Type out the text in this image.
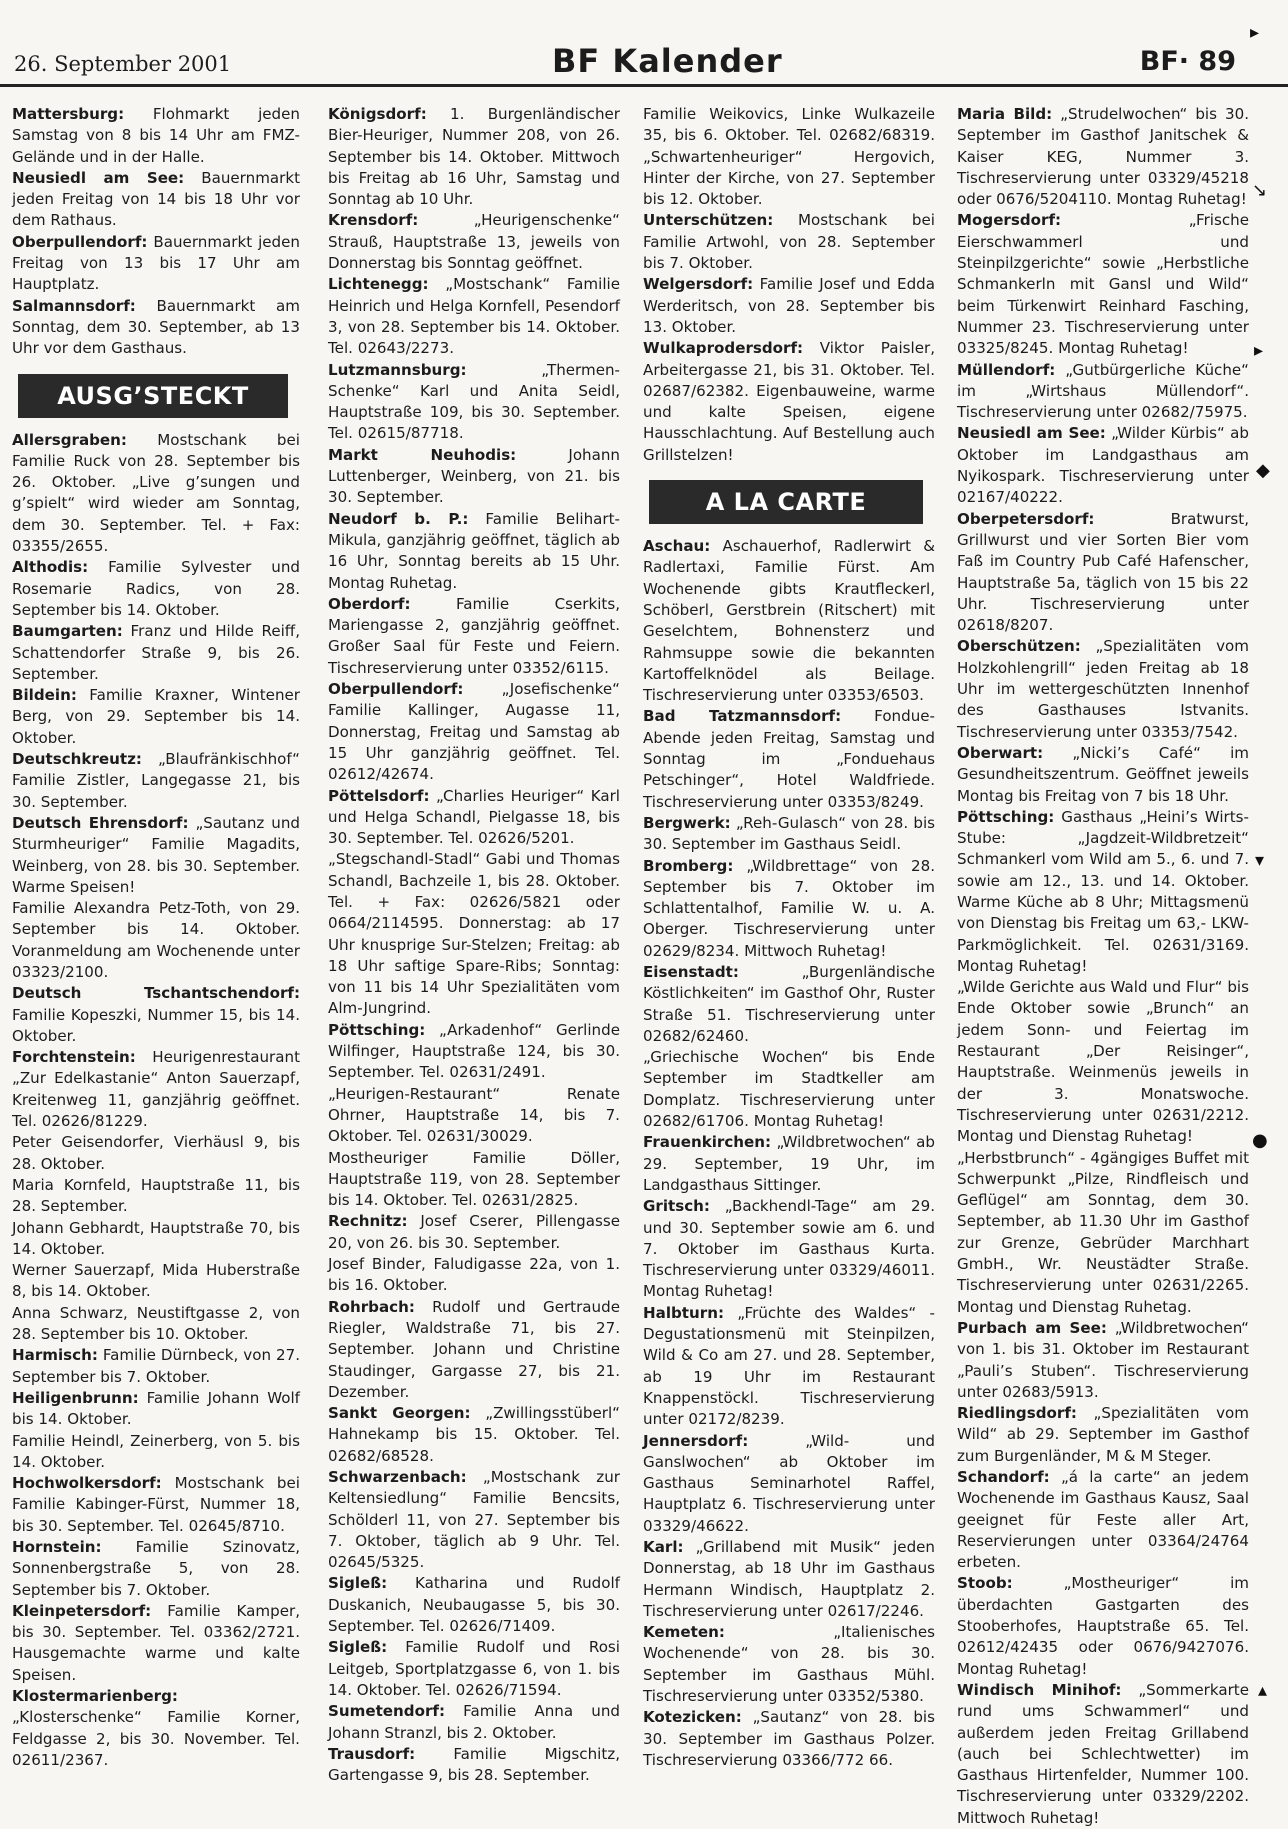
26. September 2001	BF Kalender	BF· 89

Mattersburg: Flohmarkt jeden Samstag von 8 bis 14 Uhr am FMZ-Gelände und in der Halle.

Neusiedl am See: Bauernmarkt jeden Freitag von 14 bis 18 Uhr vor dem Rathaus.

Oberpullendorf: Bauernmarkt jeden Freitag von 13 bis 17 Uhr am Hauptplatz.

Salmannsdorf: Bauernmarkt am Sonntag, dem 30. September, ab 13 Uhr vor dem Gasthaus.

AUSG’STECKT

Allersgraben: Mostschank bei Familie Ruck von 28. September bis 26. Oktober. „Live g’sungen und g’spielt“ wird wieder am Sonntag, dem 30. September. Tel. + Fax: 03355/2655.

Althodis: Familie Sylvester und Rosemarie Radics, von 28. September bis 14. Oktober.

Baumgarten: Franz und Hilde Reiff, Schattendorfer Straße 9, bis 26. September.

Bildein: Familie Kraxner, Wintener Berg, von 29. September bis 14. Oktober.

Deutschkreutz: „Blaufränkischhof“ Familie Zistler, Langegasse 21, bis 30. September.

Deutsch Ehrensdorf: „Sautanz und Sturmheuriger“ Familie Magadits, Weinberg, von 28. bis 30. September. Warme Speisen!

Familie Alexandra Petz-Toth, von 29. September bis 14. Oktober. Voranmeldung am Wochenende unter 03323/2100.

Deutsch Tschantschendorf: Familie Kopeszki, Nummer 15, bis 14. Oktober.

Forchtenstein: Heurigenrestaurant „Zur Edelkastanie“ Anton Sauerzapf, Kreitenweg 11, ganzjährig geöffnet. Tel. 02626/81229.

Peter Geisendorfer, Vierhäusl 9, bis 28. Oktober.

Maria Kornfeld, Hauptstraße 11, bis 28. September.

Johann Gebhardt, Hauptstraße 70, bis 14. Oktober.

Werner Sauerzapf, Mida Huberstraße 8, bis 14. Oktober.

Anna Schwarz, Neustiftgasse 2, von 28. September bis 10. Oktober.

Harmisch: Familie Dürnbeck, von 27. September bis 7. Oktober.

Heiligenbrunn: Familie Johann Wolf bis 14. Oktober.

Familie Heindl, Zeinerberg, von 5. bis 14. Oktober.

Hochwolkersdorf: Mostschank bei Familie Kabinger-Fürst, Nummer 18, bis 30. September. Tel. 02645/8710.

Hornstein: Familie Szinovatz, Sonnenbergstraße 5, von 28. September bis 7. Oktober.

Kleinpetersdorf: Familie Kamper, bis 30. September. Tel. 03362/2721. Hausgemachte warme und kalte Speisen.

Klostermarienberg: „Klosterschenke“ Familie Korner, Feldgasse 2, bis 30. November. Tel. 02611/2367.

Königsdorf: 1. Burgenländischer Bier-Heuriger, Nummer 208, von 26. September bis 14. Oktober. Mittwoch bis Freitag ab 16 Uhr, Samstag und Sonntag ab 10 Uhr.

Krensdorf: „Heurigenschenke“ Strauß, Hauptstraße 13, jeweils von Donnerstag bis Sonntag geöffnet.

Lichtenegg: „Mostschank“ Familie Heinrich und Helga Kornfell, Pesendorf 3, von 28. September bis 14. Oktober. Tel. 02643/2273.

Lutzmannsburg: „Thermen-Schenke“ Karl und Anita Seidl, Hauptstraße 109, bis 30. September. Tel. 02615/87718.

Markt Neuhodis: Johann Luttenberger, Weinberg, von 21. bis 30. September.

Neudorf b. P.: Familie Belihart-Mikula, ganzjährig geöffnet, täglich ab 16 Uhr, Sonntag bereits ab 15 Uhr. Montag Ruhetag.

Oberdorf: Familie Cserkits, Mariengasse 2, ganzjährig geöffnet. Großer Saal für Feste und Feiern. Tischreservierung unter 03352/6115.

Oberpullendorf: „Josefischenke“ Familie Kallinger, Augasse 11, Donnerstag, Freitag und Samstag ab 15 Uhr ganzjährig geöffnet. Tel. 02612/42674.

Pöttelsdorf: „Charlies Heuriger“ Karl und Helga Schandl, Pielgasse 18, bis 30. September. Tel. 02626/5201.

„Stegschandl-Stadl“ Gabi und Thomas Schandl, Bachzeile 1, bis 28. Oktober. Tel. + Fax: 02626/5821 oder 0664/2114595. Donnerstag: ab 17 Uhr knusprige Sur-Stelzen; Freitag: ab 18 Uhr saftige Spare-Ribs; Sonntag: von 11 bis 14 Uhr Spezialitäten vom Alm-Jungrind.

Pöttsching: „Arkadenhof“ Gerlinde Wilfinger, Hauptstraße 124, bis 30. September. Tel. 02631/2491.

„Heurigen-Restaurant“ Renate Ohrner, Hauptstraße 14, bis 7. Oktober. Tel. 02631/30029.

Mostheuriger Familie Döller, Hauptstraße 119, von 28. September bis 14. Oktober. Tel. 02631/2825.

Rechnitz: Josef Cserer, Pillengasse 20, von 26. bis 30. September.

Josef Binder, Faludigasse 22a, von 1. bis 16. Oktober.

Rohrbach: Rudolf und Gertraude Riegler, Waldstraße 71, bis 27. September. Johann und Christine Staudinger, Gargasse 27, bis 21. Dezember.

Sankt Georgen: „Zwillingsstüberl“ Hahnekamp bis 15. Oktober. Tel. 02682/68528.

Schwarzenbach: „Mostschank zur Keltensiedlung“ Familie Bencsits, Schölderl 11, von 27. September bis 7. Oktober, täglich ab 9 Uhr. Tel. 02645/5325.

Sigleß: Katharina und Rudolf Duskanich, Neubaugasse 5, bis 30. September. Tel. 02626/71409.

Sigleß: Familie Rudolf und Rosi Leitgeb, Sportplatzgasse 6, von 1. bis 14. Oktober. Tel. 02626/71594.

Sumetendorf: Familie Anna und Johann Stranzl, bis 2. Oktober.

Trausdorf: Familie Migschitz, Gartengasse 9, bis 28. September.

Familie Weikovics, Linke Wulkazeile 35, bis 6. Oktober. Tel. 02682/68319. „Schwartenheuriger“ Hergovich, Hinter der Kirche, von 27. September bis 12. Oktober.

Unterschützen: Mostschank bei Familie Artwohl, von 28. September bis 7. Oktober.

Welgersdorf: Familie Josef und Edda Werderitsch, von 28. September bis 13. Oktober.

Wulkaprodersdorf: Viktor Paisler, Arbeitergasse 21, bis 31. Oktober. Tel. 02687/62382. Eigenbauweine, warme und kalte Speisen, eigene Hausschlachtung. Auf Bestellung auch Grillstelzen!

A LA CARTE

Aschau: Aschauerhof, Radlerwirt & Radlertaxi, Familie Fürst. Am Wochenende gibts Krautfleckerl, Schöberl, Gerstbrein (Ritschert) mit Geselchtem, Bohnensterz und Rahmsuppe sowie die bekannten Kartoffelknödel als Beilage. Tischreservierung unter 03353/6503.

Bad Tatzmannsdorf: Fondue-Abende jeden Freitag, Samstag und Sonntag im „Fonduehaus Petschinger“, Hotel Waldfriede. Tischreservierung unter 03353/8249.

Bergwerk: „Reh-Gulasch“ von 28. bis 30. September im Gasthaus Seidl.

Bromberg: „Wildbrettage“ von 28. September bis 7. Oktober im Schlattentalhof, Familie W. u. A. Oberger. Tischreservierung unter 02629/8234. Mittwoch Ruhetag!

Eisenstadt: „Burgenländische Köstlichkeiten“ im Gasthof Ohr, Ruster Straße 51. Tischreservierung unter 02682/62460.

„Griechische Wochen“ bis Ende September im Stadtkeller am Domplatz. Tischreservierung unter 02682/61706. Montag Ruhetag!

Frauenkirchen: „Wildbretwochen“ ab 29. September, 19 Uhr, im Landgasthaus Sittinger.

Gritsch: „Backhendl-Tage“ am 29. und 30. September sowie am 6. und 7. Oktober im Gasthaus Kurta. Tischreservierung unter 03329/46011. Montag Ruhetag!

Halbturn: „Früchte des Waldes“ - Degustationsmenü mit Steinpilzen, Wild & Co am 27. und 28. September, ab 19 Uhr im Restaurant Knappenstöckl. Tischreservierung unter 02172/8239.

Jennersdorf: „Wild- und Ganslwochen“ ab Oktober im Gasthaus Seminarhotel Raffel, Hauptplatz 6. Tischreservierung unter 03329/46622.

Karl: „Grillabend mit Musik“ jeden Donnerstag, ab 18 Uhr im Gasthaus Hermann Windisch, Hauptplatz 2. Tischreservierung unter 02617/2246.

Kemeten: „Italienisches Wochenende“ von 28. bis 30. September im Gasthaus Mühl. Tischreservierung unter 03352/5380.

Kotezicken: „Sautanz“ von 28. bis 30. September im Gasthaus Polzer. Tischreservierung 03366/772 66.

Maria Bild: „Strudelwochen“ bis 30. September im Gasthof Janitschek & Kaiser KEG, Nummer 3. Tischreservierung unter 03329/45218 oder 0676/5204110. Montag Ruhetag!

Mogersdorf: „Frische Eierschwammerl und Steinpilzgerichte“ sowie „Herbstliche Schmankerln mit Gansl und Wild“ beim Türkenwirt Reinhard Fasching, Nummer 23. Tischreservierung unter 03325/8245. Montag Ruhetag!

Müllendorf: „Gutbürgerliche Küche“ im „Wirtshaus Müllendorf“. Tischreservierung unter 02682/75975.

Neusiedl am See: „Wilder Kürbis“ ab Oktober im Landgasthaus am Nyikospark. Tischreservierung unter 02167/40222.

Oberpetersdorf: Bratwurst, Grillwurst und vier Sorten Bier vom Faß im Country Pub Café Hafenscher, Hauptstraße 5a, täglich von 15 bis 22 Uhr. Tischreservierung unter 02618/8207.

Oberschützen: „Spezialitäten vom Holzkohlengrill“ jeden Freitag ab 18 Uhr im wettergeschützten Innenhof des Gasthauses Istvanits. Tischreservierung unter 03353/7542.

Oberwart: „Nicki’s Café“ im Gesundheitszentrum. Geöffnet jeweils Montag bis Freitag von 7 bis 18 Uhr.

Pöttsching: Gasthaus „Heini’s Wirts-Stube: „Jagdzeit-Wildbretzeit“ Schmankerl vom Wild am 5., 6. und 7. sowie am 12., 13. und 14. Oktober. Warme Küche ab 8 Uhr; Mittagsmenü von Dienstag bis Freitag um 63,- LKW-Parkmöglichkeit. Tel. 02631/3169. Montag Ruhetag!

„Wilde Gerichte aus Wald und Flur“ bis Ende Oktober sowie „Brunch“ an jedem Sonn- und Feiertag im Restaurant „Der Reisinger“, Hauptstraße. Weinmenüs jeweils in der 3. Monatswoche. Tischreservierung unter 02631/2212. Montag und Dienstag Ruhetag!

„Herbstbrunch“ - 4gängiges Buffet mit Schwerpunkt „Pilze, Rindfleisch und Geflügel“ am Sonntag, dem 30. September, ab 11.30 Uhr im Gasthof zur Grenze, Gebrüder Marchhart GmbH., Wr. Neustädter Straße. Tischreservierung unter 02631/2265. Montag und Dienstag Ruhetag.

Purbach am See: „Wildbretwochen“ von 1. bis 31. Oktober im Restaurant „Pauli’s Stuben“. Tischreservierung unter 02683/5913.

Riedlingsdorf: „Spezialitäten vom Wild“ ab 29. September im Gasthof zum Burgenländer, M & M Steger.

Schandorf: „á la carte“ an jedem Wochenende im Gasthaus Kausz, Saal geeignet für Feste aller Art, Reservierungen unter 03364/24764 erbeten.

Stoob: „Mostheuriger“ im überdachten Gastgarten des Stooberhofes, Hauptstraße 65. Tel. 02612/42435 oder 0676/9427076. Montag Ruhetag!

Windisch Minihof: „Sommerkarte rund ums Schwammerl“ und außerdem jeden Freitag Grillabend (auch bei Schlechtwetter) im Gasthaus Hirtenfelder, Nummer 100. Tischreservierung unter 03329/2202. Mittwoch Ruhetag!

▸
↘
▸
◆
▾
●
▴
